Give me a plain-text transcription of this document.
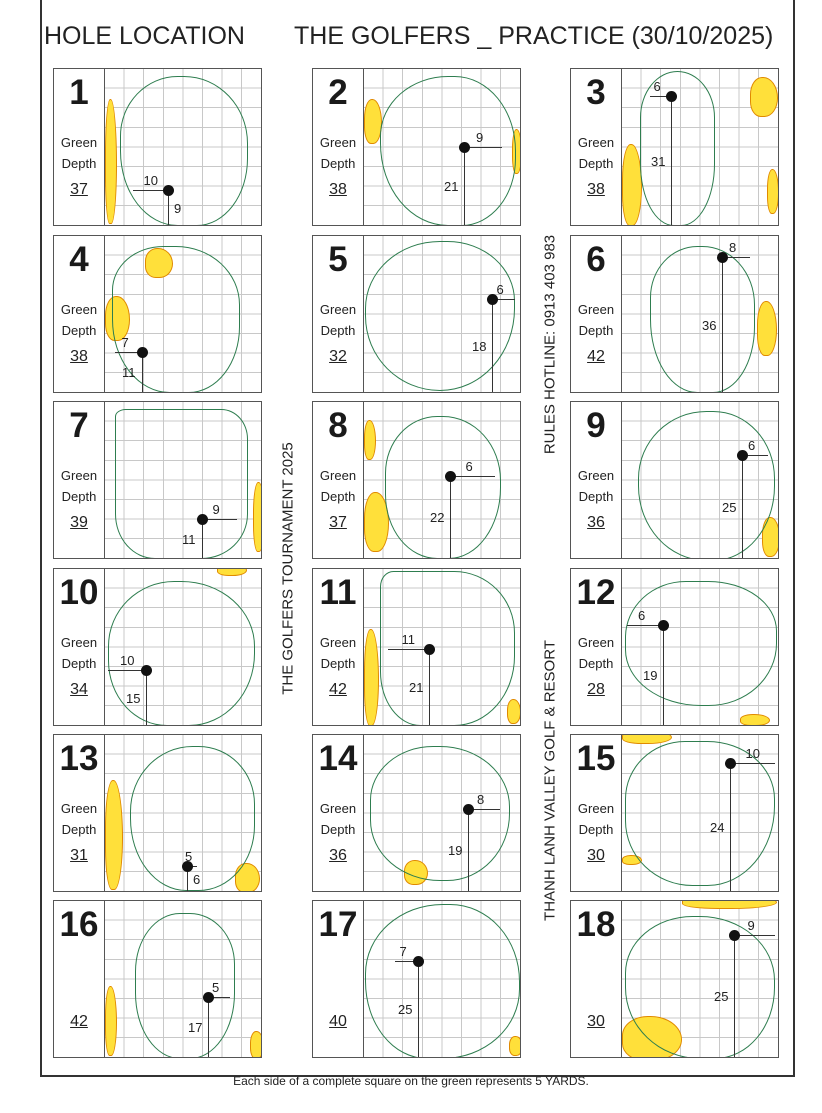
HOLE LOCATION THE GOLFERS _ PRACTICE (30/10/2025)
1
Green
Depth
37
10
9
2
Green
Depth
38
9
21
3
Green
Depth
38
6
31
4
Green
Depth
38
7
11
5
Green
Depth
32
6
18
6
Green
Depth
42
8
36
7
Green
Depth
39
9
11
8
Green
Depth
37
6
22
9
Green
Depth
36
6
25
10
Green
Depth
34
10
15
11
Green
Depth
42
11
21
12
Green
Depth
28
6
19
13
Green
Depth
31	5
6
14
Green
Depth
36
8
19
15
Green
Depth
30
10
24
16
42
5
17
17
40
7
25
18
30
9
25
THE GOLFERS TOURNAMENT 2025
RULES HOTLINE: 0913 403 983
THANH LANH VALLEY GOLF & RESORT
Each side of a complete square on the green represents 5 YARDS.
